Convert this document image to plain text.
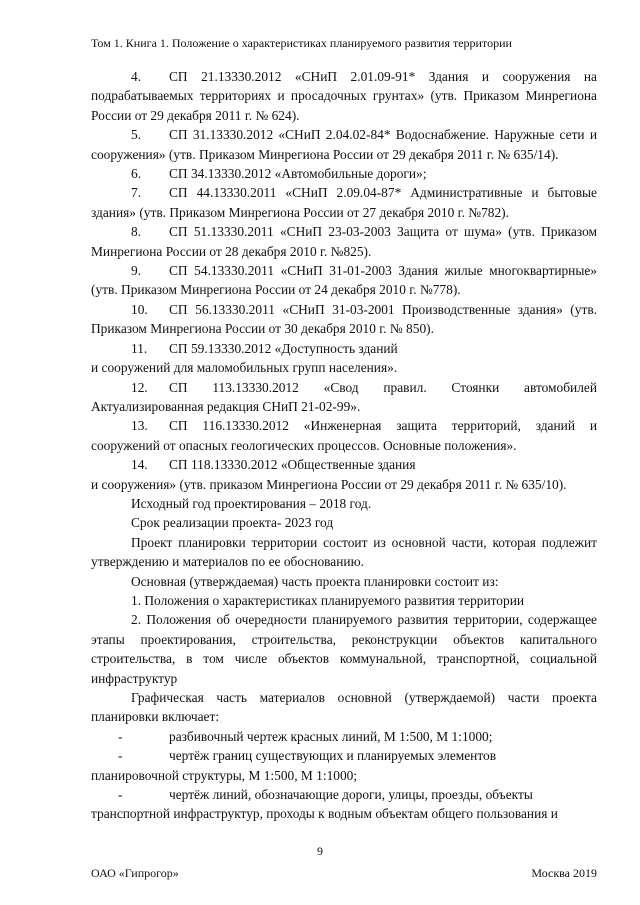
Том 1. Книга 1. Положение о характеристиках планируемого развития территории

4. СП 21.13330.2012 «СНиП 2.01.09-91* Здания и сооружения на подрабатываемых территориях и просадочных грунтах» (утв. Приказом Минрегиона России от 29 декабря 2011 г. № 624).

5. СП 31.13330.2012 «СНиП 2.04.02-84* Водоснабжение. Наружные сети и сооружения» (утв. Приказом Минрегиона России от 29 декабря 2011 г. № 635/14).

6. СП 34.13330.2012 «Автомобильные дороги»;

7. СП 44.13330.2011 «СНиП 2.09.04-87* Административные и бытовые здания» (утв. Приказом Минрегиона России от 27 декабря 2010 г. №782).

8. СП 51.13330.2011 «СНиП 23-03-2003 Защита от шума» (утв. Приказом Минрегиона России от 28 декабря 2010 г. №825).

9. СП 54.13330.2011 «СНиП 31-01-2003 Здания жилые многоквартирные» (утв. Приказом Минрегиона России от 24 декабря 2010 г. №778).

10. СП 56.13330.2011 «СНиП 31-03-2001 Производственные здания» (утв. Приказом Минрегиона России от 30 декабря 2010 г. № 850).

11. СП 59.13330.2012 «Доступность зданий

и сооружений для маломобильных групп населения».

12. СП 113.13330.2012 «Свод правил. Стоянки автомобилей Актуализированная редакция СНиП 21-02-99».

13. СП 116.13330.2012 «Инженерная защита территорий, зданий и сооружений от опасных геологических процессов. Основные положения».

14. СП 118.13330.2012 «Общественные здания

и сооружения» (утв. приказом Минрегиона России от 29 декабря 2011 г. № 635/10).

Исходный год проектирования – 2018 год.

Срок реализации проекта- 2023 год

Проект планировки территории состоит из основной части, которая подлежит утверждению и материалов по ее обоснованию.

Основная (утверждаемая) часть проекта планировки состоит из:

1. Положения о характеристиках планируемого развития территории

2. Положения об очередности планируемого развития территории, содержащее этапы проектирования, строительства, реконструкции объектов капитального строительства, в том числе объектов коммунальной, транспортной, социальной инфраструктур

Графическая часть материалов основной (утверждаемой) части проекта планировки включает:

-	разбивочный чертеж красных линий, М 1:500, М 1:1000;
-	чертёж границ существующих и планируемых элементов

планировочной структуры, М 1:500, М 1:1000;

-	чертёж линий, обозначающие дороги, улицы, проезды, объекты

транспортной инфраструктур, проходы к водным объектам общего пользования и

9
ОАО «Гипрогор»	Москва 2019
